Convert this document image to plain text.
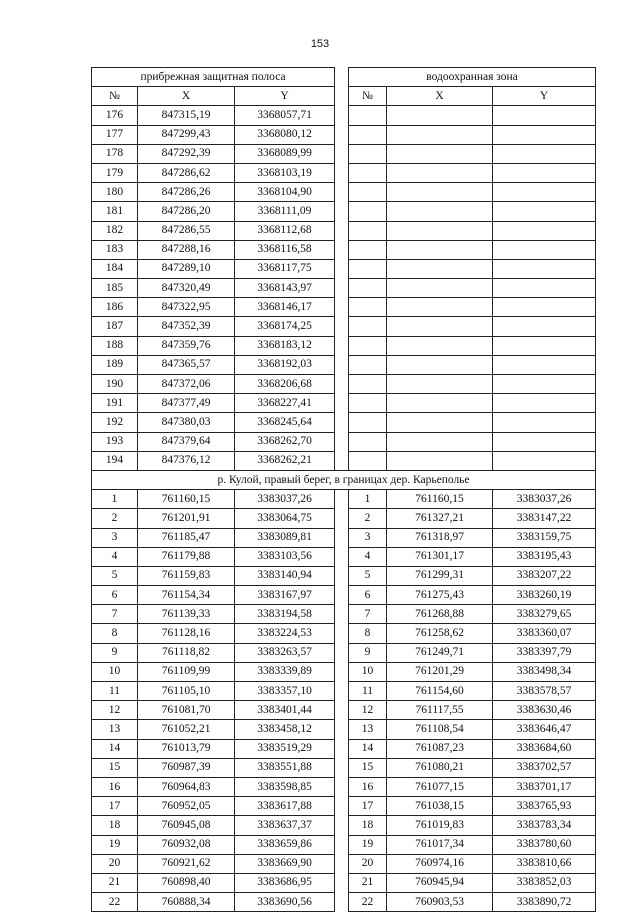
153
прибрежная защитная полоса				водоохранная зона		
№	X	Y		№	X	Y
176	847315,19	3368057,71				
177	847299,43	3368080,12				
178	847292,39	3368089,99				
179	847286,62	3368103,19				
180	847286,26	3368104,90				
181	847286,20	3368111,09				
182	847286,55	3368112,68				
183	847288,16	3368116,58				
184	847289,10	3368117,75				
185	847320,49	3368143,97				
186	847322,95	3368146,17				
187	847352,39	3368174,25				
188	847359,76	3368183,12				
189	847365,57	3368192,03				
190	847372,06	3368206,68				
191	847377,49	3368227,41				
192	847380,03	3368245,64				
193	847379,64	3368262,70				
194	847376,12	3368262,21				
р. Кулой, правый берег, в границах дер. Карьеполье						
1	761160,15	3383037,26		1	761160,15	3383037,26
2	761201,91	3383064,75		2	761327,21	3383147,22
3	761185,47	3383089,81		3	761318,97	3383159,75
4	761179,88	3383103,56		4	761301,17	3383195,43
5	761159,83	3383140,94		5	761299,31	3383207,22
6	761154,34	3383167,97		6	761275,43	3383260,19
7	761139,33	3383194,58		7	761268,88	3383279,65
8	761128,16	3383224,53		8	761258,62	3383360,07
9	761118,82	3383263,57		9	761249,71	3383397,79
10	761109,99	3383339,89		10	761201,29	3383498,34
11	761105,10	3383357,10		11	761154,60	3383578,57
12	761081,70	3383401,44		12	761117,55	3383630,46
13	761052,21	3383458,12		13	761108,54	3383646,47
14	761013,79	3383519,29		14	761087,23	3383684,60
15	760987,39	3383551,88		15	761080,21	3383702,57
16	760964,83	3383598,85		16	761077,15	3383701,17
17	760952,05	3383617,88		17	761038,15	3383765,93
18	760945,08	3383637,37		18	761019,83	3383783,34
19	760932,08	3383659,86		19	761017,34	3383780,60
20	760921,62	3383669,90		20	760974,16	3383810,66
21	760898,40	3383686,95		21	760945,94	3383852,03
22	760888,34	3383690,56		22	760903,53	3383890,72
